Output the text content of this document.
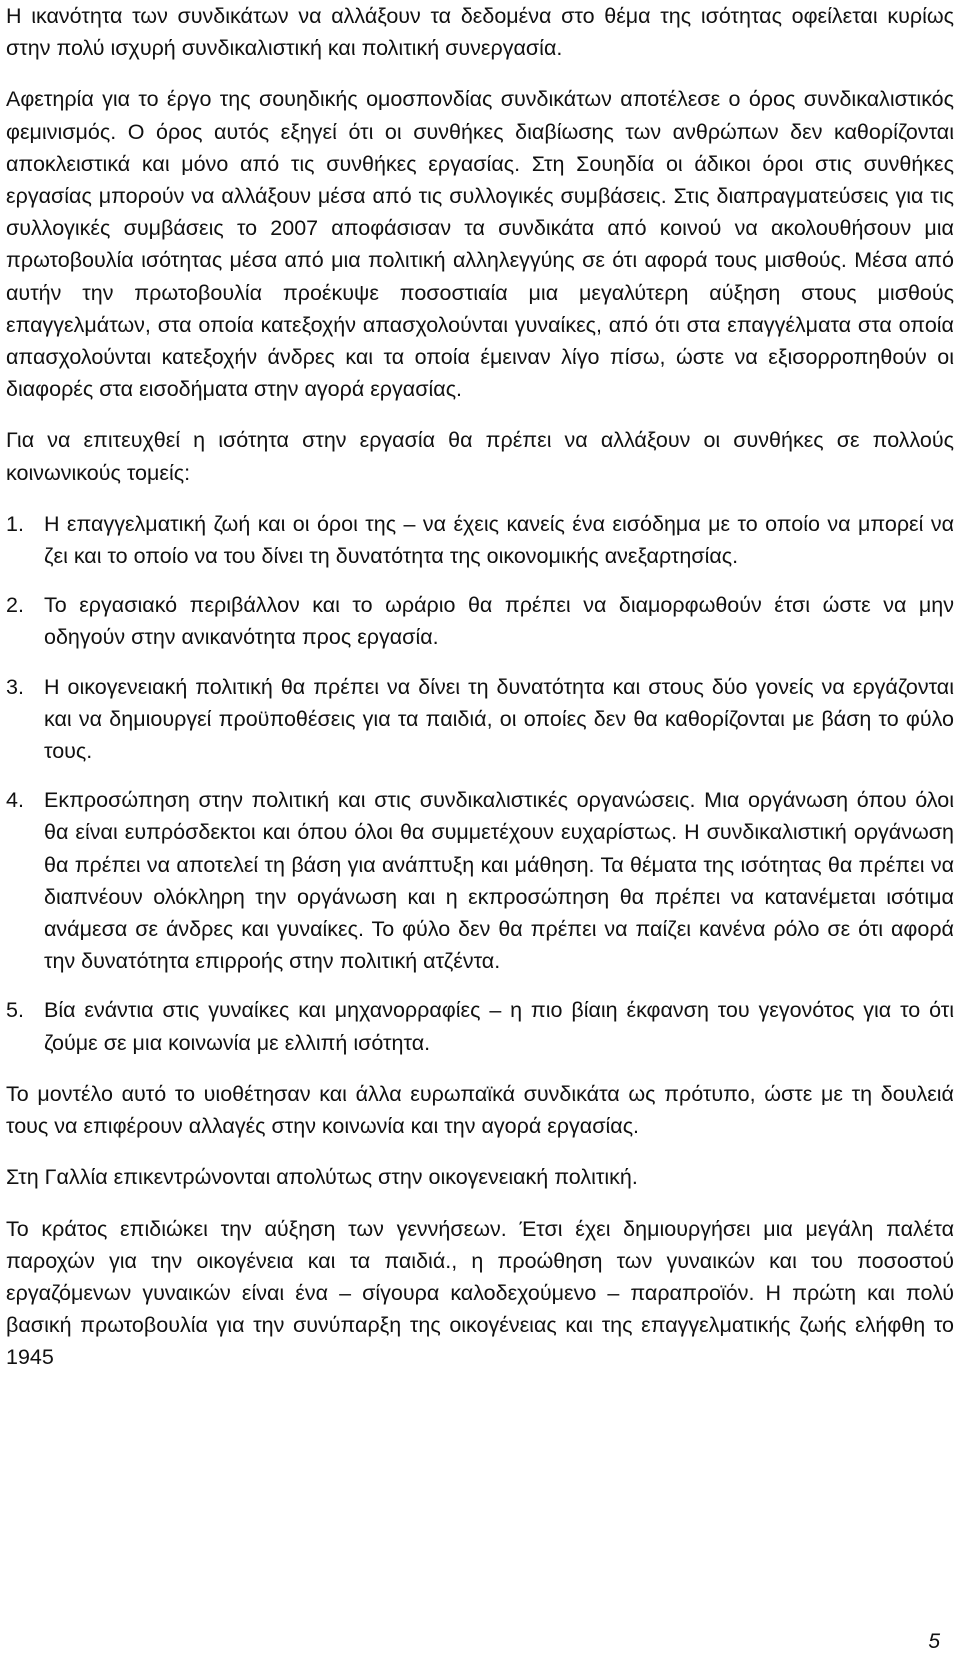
Η ικανότητα των συνδικάτων να αλλάξουν τα δεδομένα στο θέμα της ισότητας οφείλεται κυρίως στην πολύ ισχυρή συνδικαλιστική και πολιτική συνεργασία.

Αφετηρία για το έργο της σουηδικής ομοσπονδίας συνδικάτων αποτέλεσε ο όρος συνδικαλιστικός φεμινισμός. Ο όρος αυτός εξηγεί ότι οι συνθήκες διαβίωσης των ανθρώπων δεν καθορίζονται αποκλειστικά και μόνο από τις συνθήκες εργασίας. Στη Σουηδία οι άδικοι όροι στις συνθήκες εργασίας μπορούν να αλλάξουν μέσα από τις συλλογικές συμβάσεις. Στις διαπραγματεύσεις για τις συλλογικές συμβάσεις το 2007 αποφάσισαν τα συνδικάτα από κοινού να ακολουθήσουν μια πρωτοβουλία ισότητας μέσα από μια πολιτική αλληλεγγύης σε ότι αφορά τους μισθούς. Μέσα από αυτήν την πρωτοβουλία προέκυψε ποσοστιαία μια μεγαλύτερη αύξηση στους μισθούς επαγγελμάτων, στα οποία κατεξοχήν απασχολούνται γυναίκες, από ότι στα επαγγέλματα στα οποία απασχολούνται κατεξοχήν άνδρες και τα οποία έμειναν λίγο πίσω, ώστε να εξισορροπηθούν οι διαφορές στα εισοδήματα στην αγορά εργασίας.

Για να επιτευχθεί η ισότητα στην εργασία θα πρέπει να αλλάξουν οι συνθήκες σε πολλούς κοινωνικούς τομείς:

1. Η επαγγελματική ζωή και οι όροι της – να έχεις κανείς ένα εισόδημα με το οποίο να μπορεί να ζει και το οποίο να του δίνει τη δυνατότητα της οικονομικής ανεξαρτησίας.
2. Το εργασιακό περιβάλλον και το ωράριο θα πρέπει να διαμορφωθούν έτσι ώστε να μην οδηγούν στην ανικανότητα προς εργασία.
3. Η οικογενειακή πολιτική θα πρέπει να δίνει τη δυνατότητα και στους δύο γονείς να εργάζονται και να δημιουργεί προϋποθέσεις για τα παιδιά, οι οποίες δεν θα καθορίζονται με βάση το φύλο τους.
4. Εκπροσώπηση στην πολιτική και στις συνδικαλιστικές οργανώσεις. Μια οργάνωση όπου όλοι θα είναι ευπρόσδεκτοι και όπου όλοι θα συμμετέχουν ευχαρίστως. Η συνδικαλιστική οργάνωση θα πρέπει να αποτελεί τη βάση για ανάπτυξη και μάθηση. Τα θέματα της ισότητας θα πρέπει να διαπνέουν ολόκληρη την οργάνωση και η εκπροσώπηση θα πρέπει να κατανέμεται ισότιμα ανάμεσα σε άνδρες και γυναίκες. Το φύλο δεν θα πρέπει να παίζει κανένα ρόλο σε ότι αφορά την δυνατότητα επιρροής στην πολιτική ατζέντα.
5. Βία ενάντια στις γυναίκες και μηχανορραφίες – η πιο βίαιη έκφανση του γεγονότος για το ότι ζούμε σε μια κοινωνία με ελλιπή ισότητα.

Το μοντέλο αυτό το υιοθέτησαν και άλλα ευρωπαϊκά συνδικάτα ως πρότυπο, ώστε με τη δουλειά τους να επιφέρουν αλλαγές στην κοινωνία και την αγορά εργασίας.

Στη Γαλλία επικεντρώνονται απολύτως στην οικογενειακή πολιτική.

Το κράτος επιδιώκει την αύξηση των γεννήσεων. Έτσι έχει δημιουργήσει μια μεγάλη παλέτα παροχών για την οικογένεια και τα παιδιά., η προώθηση των γυναικών και του ποσοστού εργαζόμενων γυναικών είναι ένα – σίγουρα καλοδεχούμενο – παραπροϊόν. Η πρώτη και πολύ βασική πρωτοβουλία για την συνύπαρξη της οικογένειας και της επαγγελματικής ζωής ελήφθη το 1945

5
